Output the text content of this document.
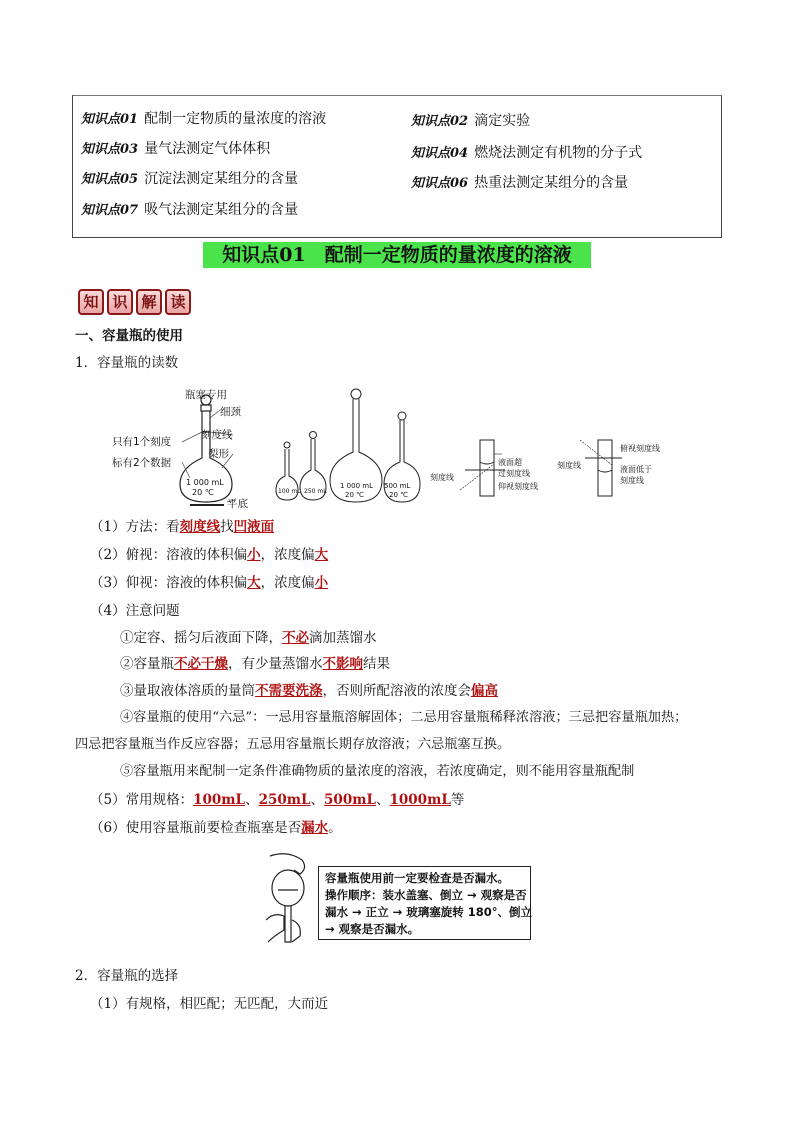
知识点01 配制一定物质的量浓度的溶液	知识点02 滴定实验
知识点03 量气法测定气体体积	知识点04 燃烧法测定有机物的分子式
知识点05 沉淀法测定某组分的含量	知识点06 热重法测定某组分的含量
知识点07 吸气法测定某组分的含量
知识点01　配制一定物质的量浓度的溶液
知 识 解 读
一、容量瓶的使用
1．容量瓶的读数
瓶塞专用
细颈
刻度线
只有1个刻度
梨形
标有2个数据
平底
1 000 mL
20 ℃	100 mL 250 mL
1 000 mL
20 ℃
500 mL
20 ℃
刻度线
液面超
过刻度线
仰视刻度线
刻度线
俯视刻度线
液面低于
刻度线
（1）方法：看刻度线找凹液面
（2）俯视：溶液的体积偏小，浓度偏大
（3）仰视：溶液的体积偏大，浓度偏小
（4）注意问题
①定容、摇匀后液面下降，不必滴加蒸馏水
②容量瓶不必干燥，有少量蒸馏水不影响结果
③量取液体溶质的量筒不需要洗涤，否则所配溶液的浓度会偏高
④容量瓶的使用“六忌”：一忌用容量瓶溶解固体；二忌用容量瓶稀释浓溶液；三忌把容量瓶加热；
四忌把容量瓶当作反应容器；五忌用容量瓶长期存放溶液；六忌瓶塞互换。
⑤容量瓶用来配制一定条件准确物质的量浓度的溶液，若浓度确定，则不能用容量瓶配制
（5）常用规格：100mL、250mL、500mL、1000mL等
（6）使用容量瓶前要检查瓶塞是否漏水。
容量瓶使用前一定要检查是否漏水。
操作顺序：装水盖塞、倒立 → 观察是否
漏水 → 正立 → 玻璃塞旋转 180°、倒立
→ 观察是否漏水。
2．容量瓶的选择
（1）有规格，相匹配；无匹配，大而近
